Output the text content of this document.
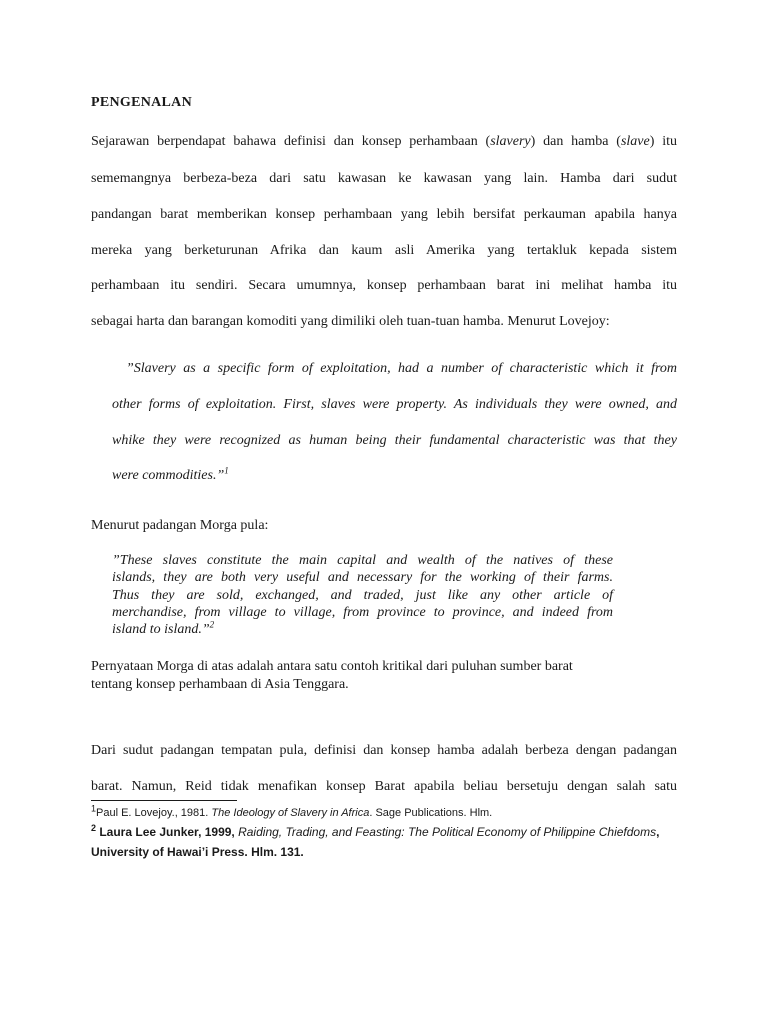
PENGENALAN
Sejarawan berpendapat bahawa definisi dan konsep perhambaan (slavery) dan hamba (slave) itu
sememangnya berbeza-beza dari satu kawasan ke kawasan yang lain. Hamba dari sudut
pandangan barat memberikan konsep perhambaan yang lebih bersifat perkauman apabila hanya
mereka yang berketurunan Afrika dan kaum asli Amerika yang tertakluk kepada sistem
perhambaan itu sendiri. Secara umumnya, konsep perhambaan barat ini melihat hamba itu
sebagai harta dan barangan komoditi yang dimiliki oleh tuan-tuan hamba. Menurut Lovejoy:
”Slavery as a specific form of exploitation, had a number of characteristic which it from
other forms of exploitation. First, slaves were property. As individuals they were owned, and
whike they were recognized as human being their fundamental characteristic was that they
were commodities.”$^1$
Menurut padangan Morga pula:
”These slaves constitute the main capital and wealth of the natives of these
islands, they are both very useful and necessary for the working of their farms.
Thus they are sold, exchanged, and traded, just like any other article of
merchandise, from village to village, from province to province, and indeed from
island to island.”$^2$
Pernyataan Morga di atas adalah antara satu contoh kritikal dari puluhan sumber barat
tentang konsep perhambaan di Asia Tenggara.
Dari sudut padangan tempatan pula, definisi dan konsep hamba adalah berbeza dengan padangan
barat. Namun, Reid tidak menafikan konsep Barat apabila beliau bersetuju dengan salah satu
$^1$Paul E. Lovejoy., 1981. The Ideology of Slavery in Africa. Sage Publications. Hlm.
$^2$ Laura Lee Junker, 1999, Raiding, Trading, and Feasting: The Political Economy of Philippine Chiefdoms,
University of Hawai’i Press. Hlm. 131.
